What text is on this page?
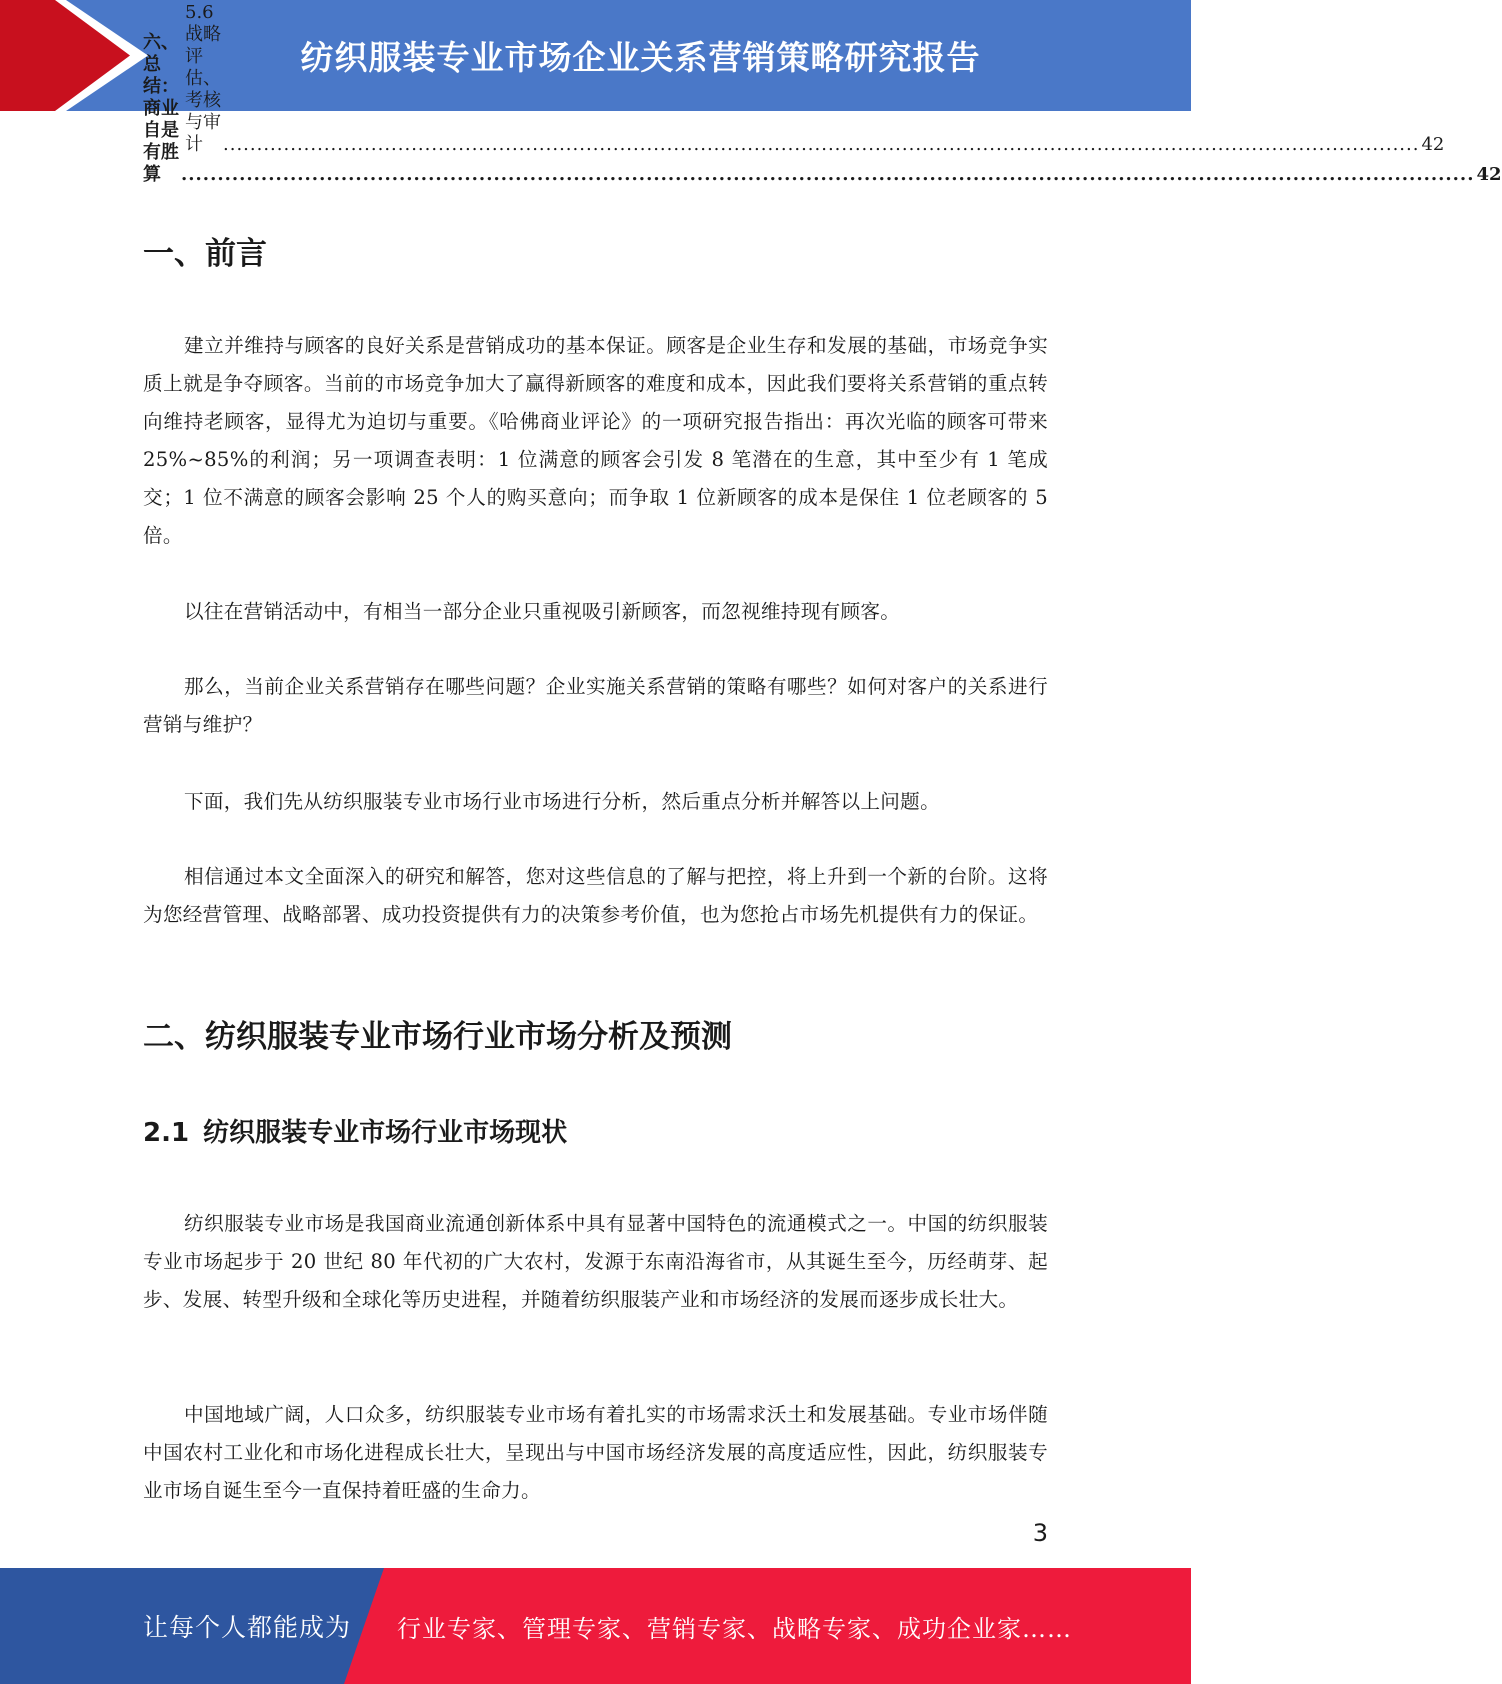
纺织服装专业市场企业关系营销策略研究报告
5.6 战略评估、考核与审计	.................................................................................................................................................................................. 42
六、总结：商业自是有胜算	.................................................................................................................................................................................. 42
一、前言

建立并维持与顾客的良好关系是营销成功的基本保证。顾客是企业生存和发展的基础，市场竞争实质上就是争夺顾客。当前的市场竞争加大了赢得新顾客的难度和成本，因此我们要将关系营销的重点转向维持老顾客，显得尤为迫切与重要。《哈佛商业评论》的一项研究报告指出：再次光临的顾客可带来 25%~85%的利润；另一项调查表明：1 位满意的顾客会引发 8 笔潜在的生意，其中至少有 1 笔成交；1 位不满意的顾客会影响 25 个人的购买意向；而争取 1 位新顾客的成本是保住 1 位老顾客的 5 倍。

以往在营销活动中，有相当一部分企业只重视吸引新顾客，而忽视维持现有顾客。

那么，当前企业关系营销存在哪些问题？企业实施关系营销的策略有哪些？如何对客户的关系进行营销与维护？

下面，我们先从纺织服装专业市场行业市场进行分析，然后重点分析并解答以上问题。

相信通过本文全面深入的研究和解答，您对这些信息的了解与把控，将上升到一个新的台阶。这将为您经营管理、战略部署、成功投资提供有力的决策参考价值，也为您抢占市场先机提供有力的保证。

二、纺织服装专业市场行业市场分析及预测
2.1 纺织服装专业市场行业市场现状

纺织服装专业市场是我国商业流通创新体系中具有显著中国特色的流通模式之一。中国的纺织服装专业市场起步于 20 世纪 80 年代初的广大农村，发源于东南沿海省市，从其诞生至今，历经萌芽、起步、发展、转型升级和全球化等历史进程，并随着纺织服装产业和市场经济的发展而逐步成长壮大。

中国地域广阔，人口众多，纺织服装专业市场有着扎实的市场需求沃土和发展基础。专业市场伴随中国农村工业化和市场化进程成长壮大，呈现出与中国市场经济发展的高度适应性，因此，纺织服装专业市场自诞生至今一直保持着旺盛的生命力。

3
让每个人都能成为 行业专家、管理专家、营销专家、战略专家、成功企业家……
